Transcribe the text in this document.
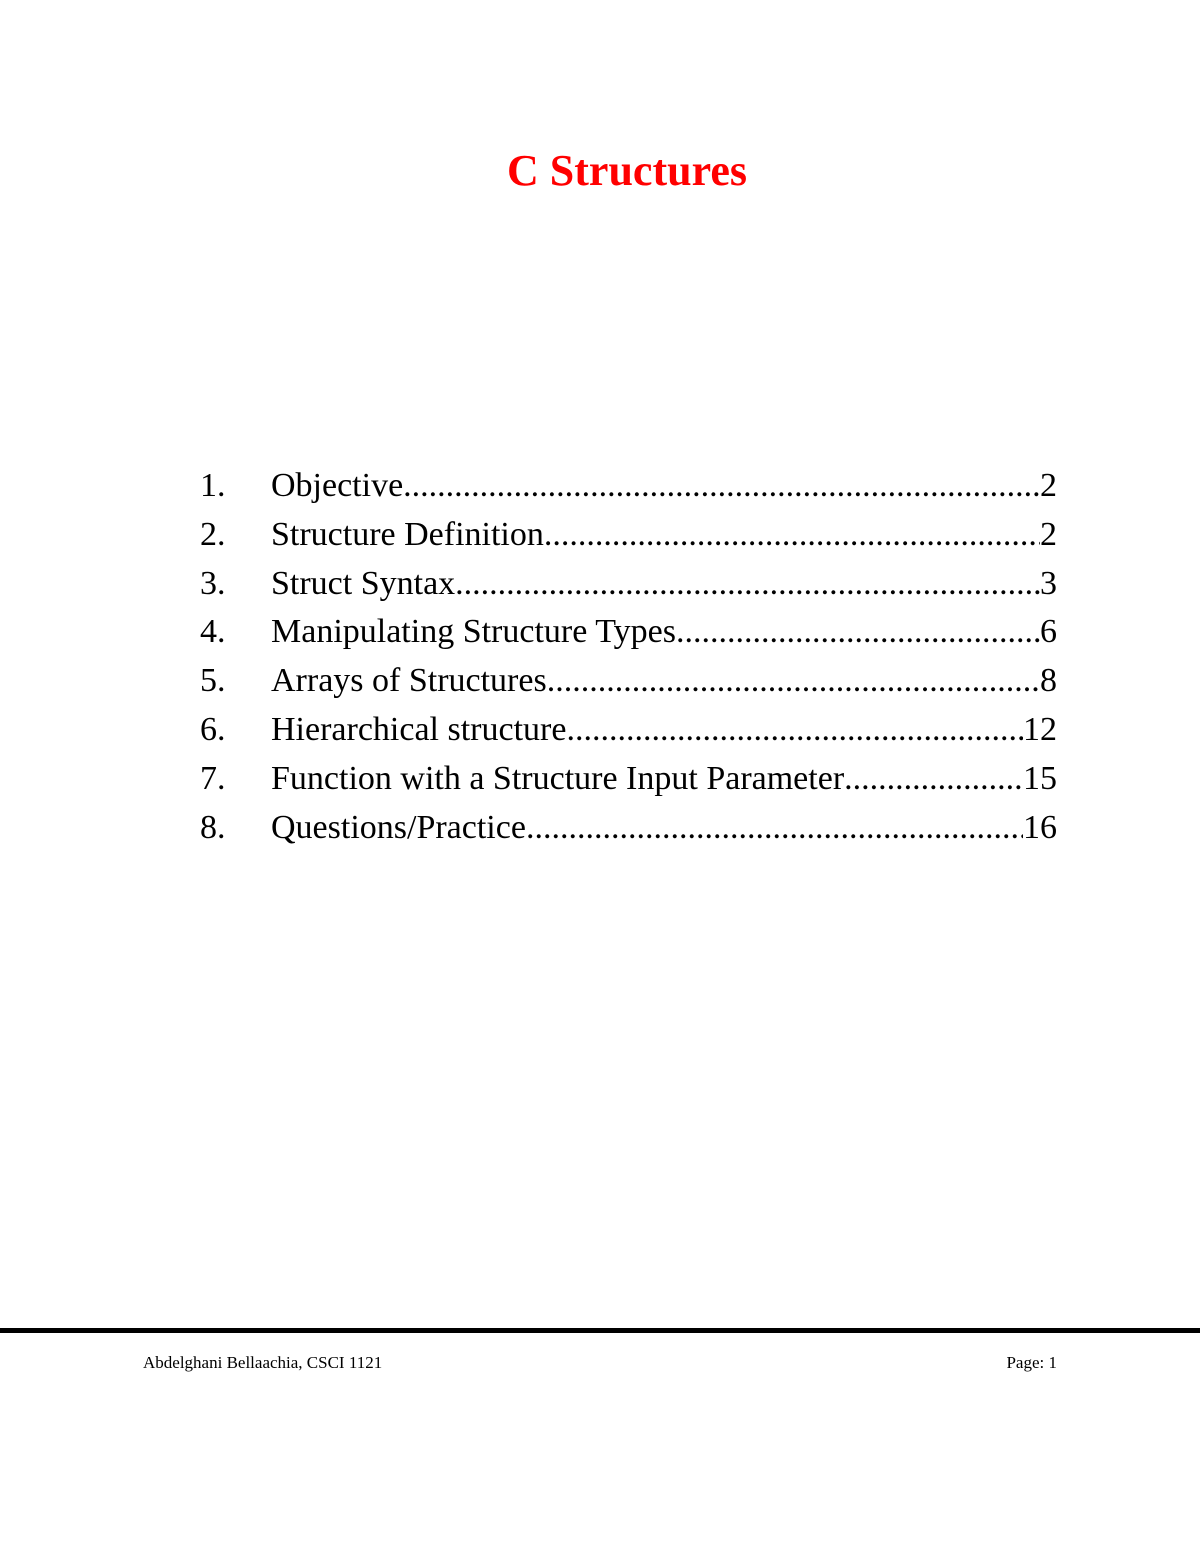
C Structures
1.	Objective .....	2
2.	Structure Definition .....	2
3.	Struct Syntax .....	3
4.	Manipulating Structure Types .....	6
5.	Arrays of Structures .....	8
6.	Hierarchical structure .....	12
7.	Function with a Structure Input Parameter .....	15
8.	Questions/Practice .....	16
Abdelghani Bellaachia, CSCI 1121	Page: 1
